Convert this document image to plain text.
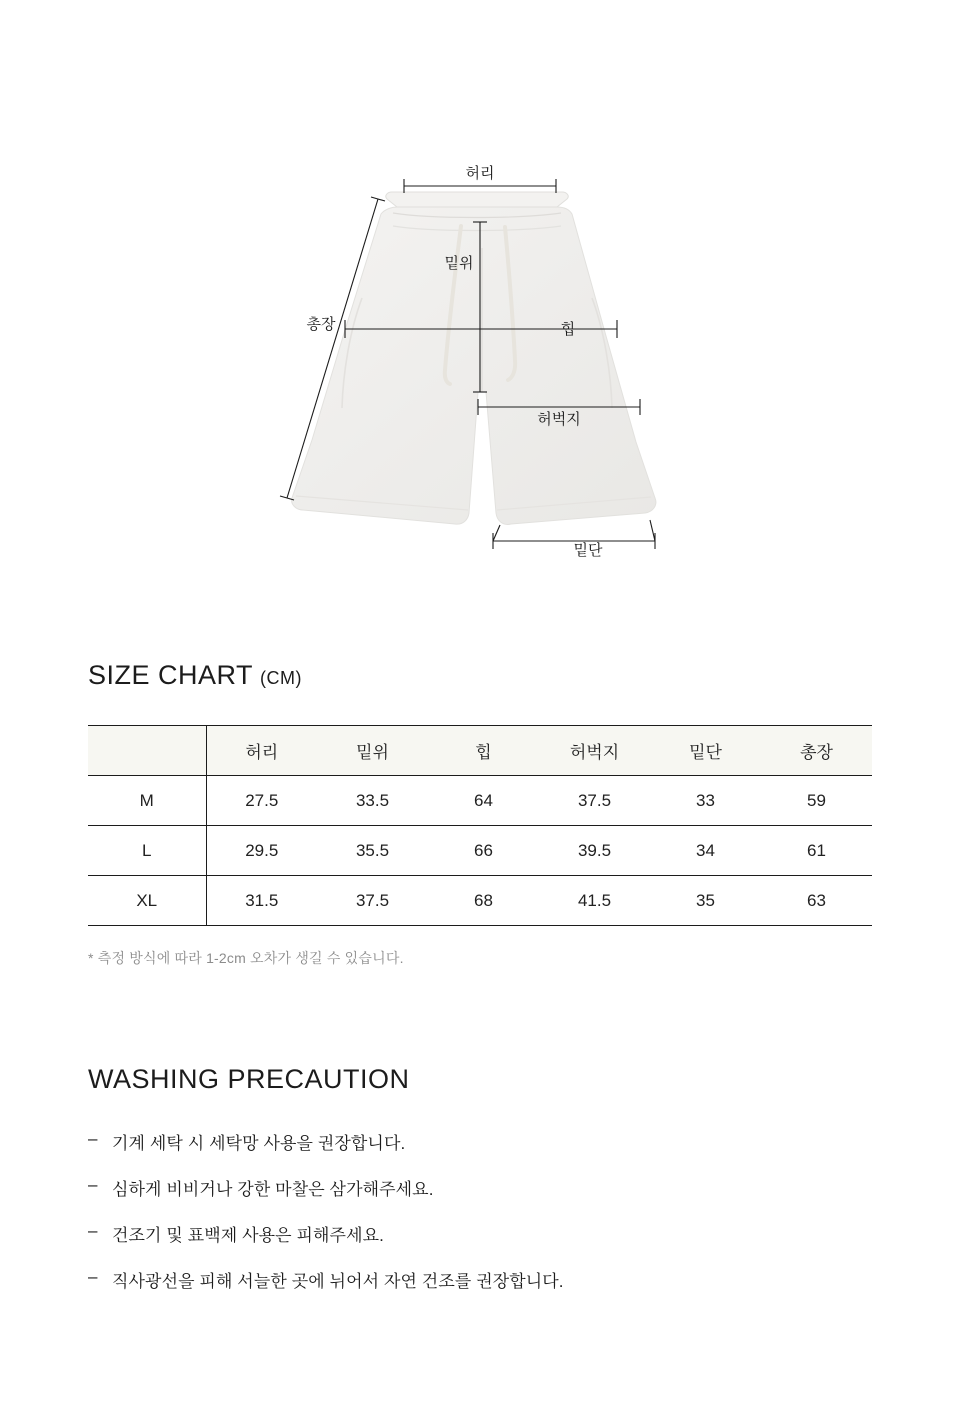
허리
밑위
총장	힙
허벅지
밑단
SIZE CHART (CM)
	허리	밑위	힙	허벅지	밑단	총장
M	27.5	33.5	64	37.5	33	59
L	29.5	35.5	66	39.5	34	61
XL	31.5	37.5	68	41.5	35	63
* 측정 방식에 따라 1-2cm 오차가 생길 수 있습니다.
WASHING PRECAUTION
– 기계 세탁 시 세탁망 사용을 권장합니다.
– 심하게 비비거나 강한 마찰은 삼가해주세요.
– 건조기 및 표백제 사용은 피해주세요.
– 직사광선을 피해 서늘한 곳에 뉘어서 자연 건조를 권장합니다.
